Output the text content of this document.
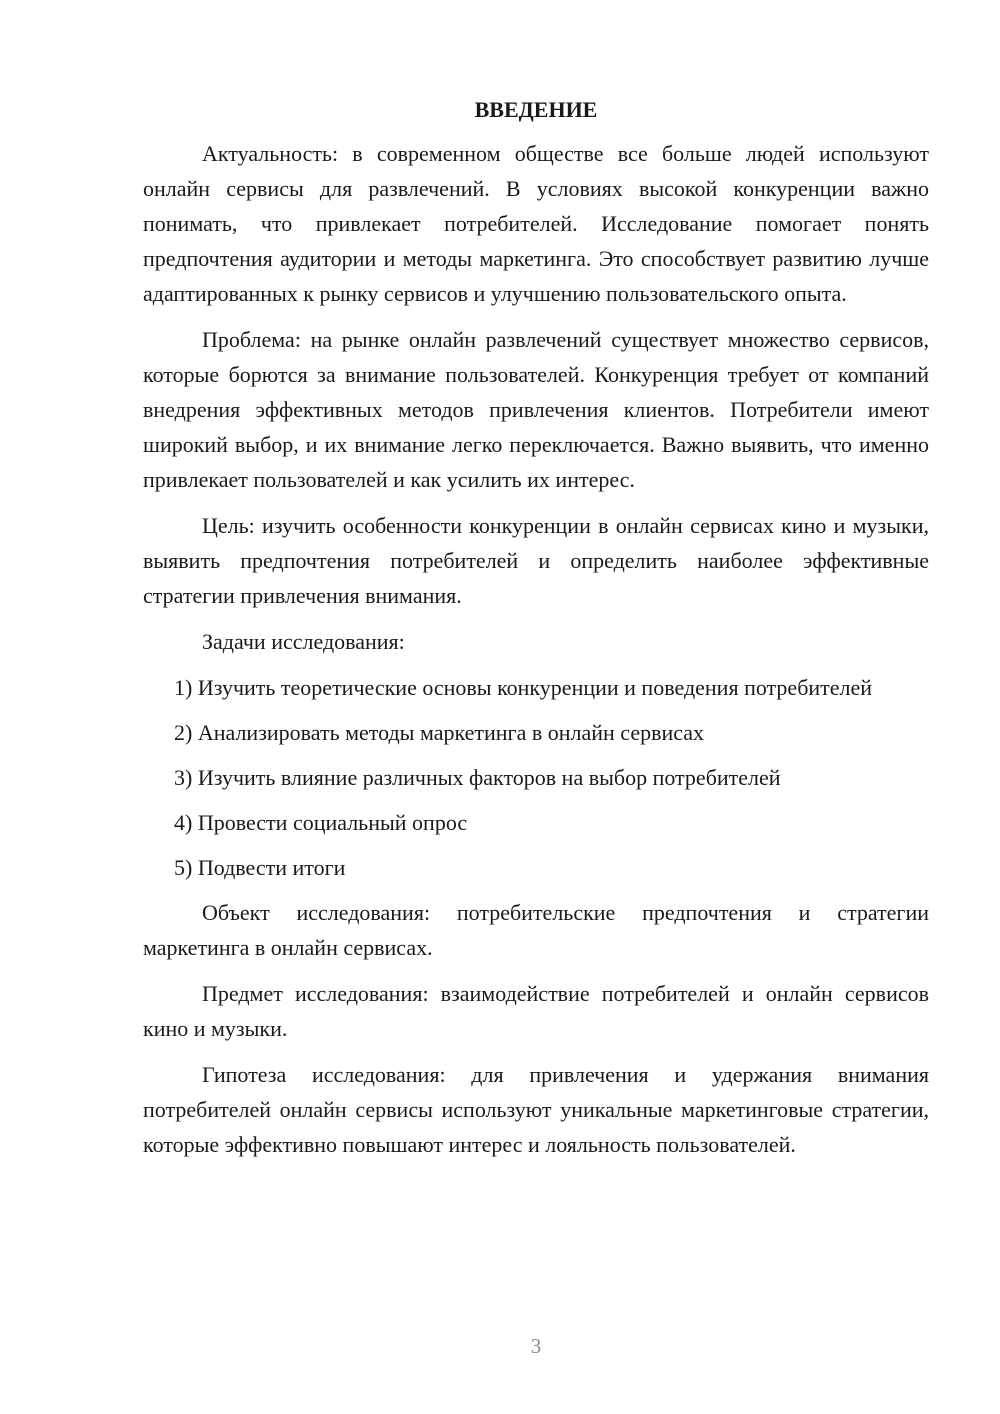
ВВЕДЕНИЕ

Актуальность: в современном обществе все больше людей используют онлайн сервисы для развлечений. В условиях высокой конкуренции важно понимать, что привлекает потребителей. Исследование помогает понять предпочтения аудитории и методы маркетинга. Это способствует развитию лучше адаптированных к рынку сервисов и улучшению пользовательского опыта.

Проблема: на рынке онлайн развлечений существует множество сервисов, которые борются за внимание пользователей. Конкуренция требует от компаний внедрения эффективных методов привлечения клиентов. Потребители имеют широкий выбор, и их внимание легко переключается. Важно выявить, что именно привлекает пользователей и как усилить их интерес.

Цель: изучить особенности конкуренции в онлайн сервисах кино и музыки, выявить предпочтения потребителей и определить наиболее эффективные стратегии привлечения внимания.

Задачи исследования:

1) Изучить теоретические основы конкуренции и поведения потребителей

2) Анализировать методы маркетинга в онлайн сервисах

3) Изучить влияние различных факторов на выбор потребителей

4) Провести социальный опрос

5) Подвести итоги

Объект исследования: потребительские предпочтения и стратегии маркетинга в онлайн сервисах.

Предмет исследования: взаимодействие потребителей и онлайн сервисов кино и музыки.

Гипотеза исследования: для привлечения и удержания внимания потребителей онлайн сервисы используют уникальные маркетинговые стратегии, которые эффективно повышают интерес и лояльность пользователей.

3
